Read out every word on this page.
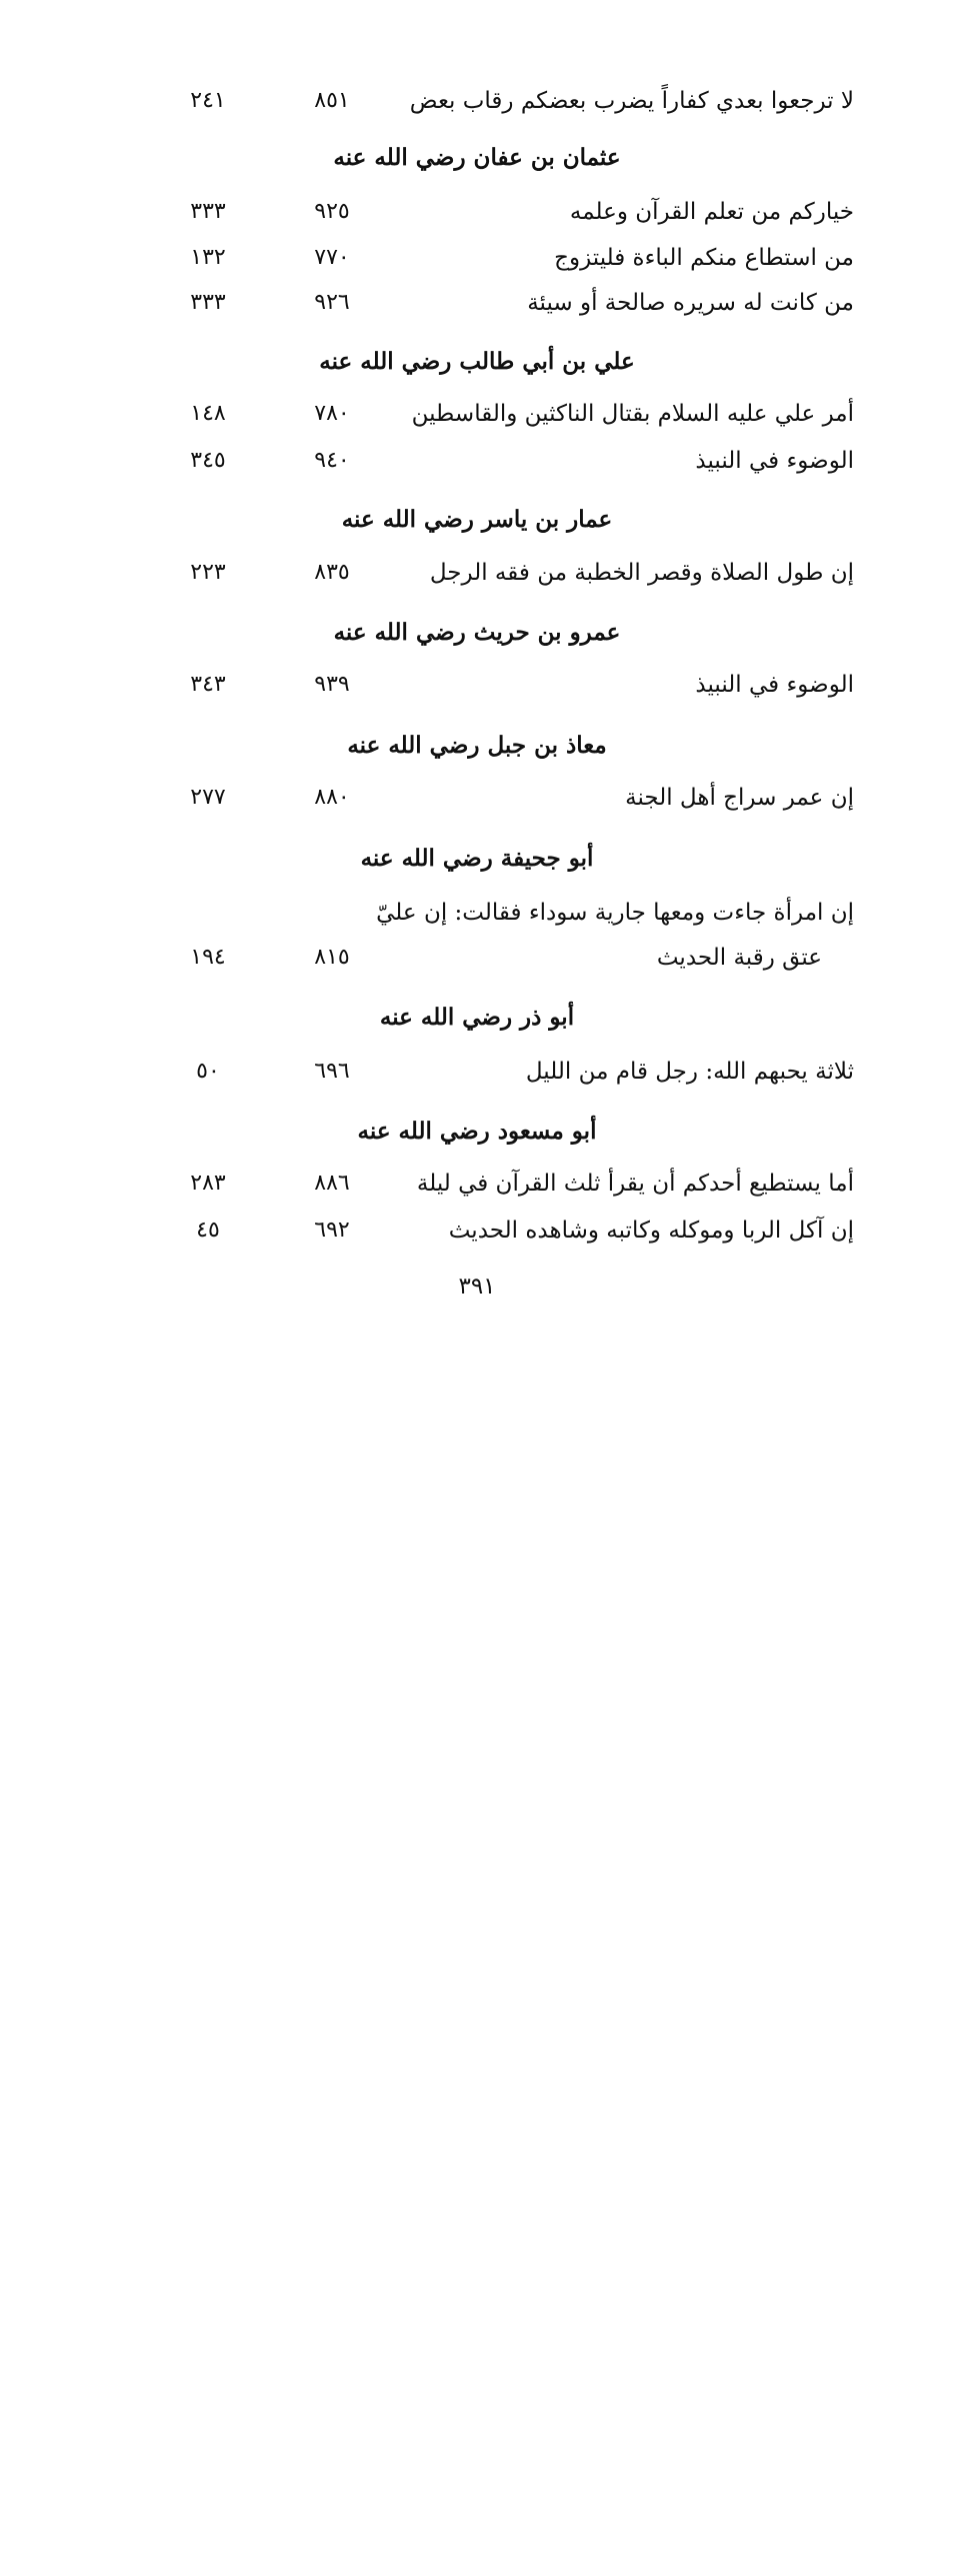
لا ترجعوا بعدي كفاراً يضرب بعضكم رقاب بعض
٨٥١
٢٤١
عثمان بن عفان رضي الله عنه
خياركم من تعلم القرآن وعلمه
٩٢٥
٣٣٣
من استطاع منكم الباءة فليتزوج
٧٧٠
١٣٢
من كانت له سريره صالحة أو سيئة
٩٢٦
٣٣٣
علي بن أبي طالب رضي الله عنه
أمر علي عليه السلام بقتال الناكثين والقاسطين
٧٨٠
١٤٨
الوضوء في النبيذ
٩٤٠
٣٤٥
عمار بن ياسر رضي الله عنه
إن طول الصلاة وقصر الخطبة من فقه الرجل
٨٣٥
٢٢٣
عمرو بن حريث رضي الله عنه
الوضوء في النبيذ
٩٣٩
٣٤٣
معاذ بن جبل رضي الله عنه
إن عمر سراج أهل الجنة
٨٨٠
٢٧٧
أبو جحيفة رضي الله عنه
إن امرأة جاءت ومعها جارية سوداء فقالت: إن عليّ
عتق رقبة الحديث
٨١٥
١٩٤
أبو ذر رضي الله عنه
ثلاثة يحبهم الله: رجل قام من الليل
٦٩٦
٥٠
أبو مسعود رضي الله عنه
أما يستطيع أحدكم أن يقرأ ثلث القرآن في ليلة
٨٨٦
٢٨٣
إن آكل الربا وموكله وكاتبه وشاهده الحديث
٦٩٢
٤٥
٣٩١
